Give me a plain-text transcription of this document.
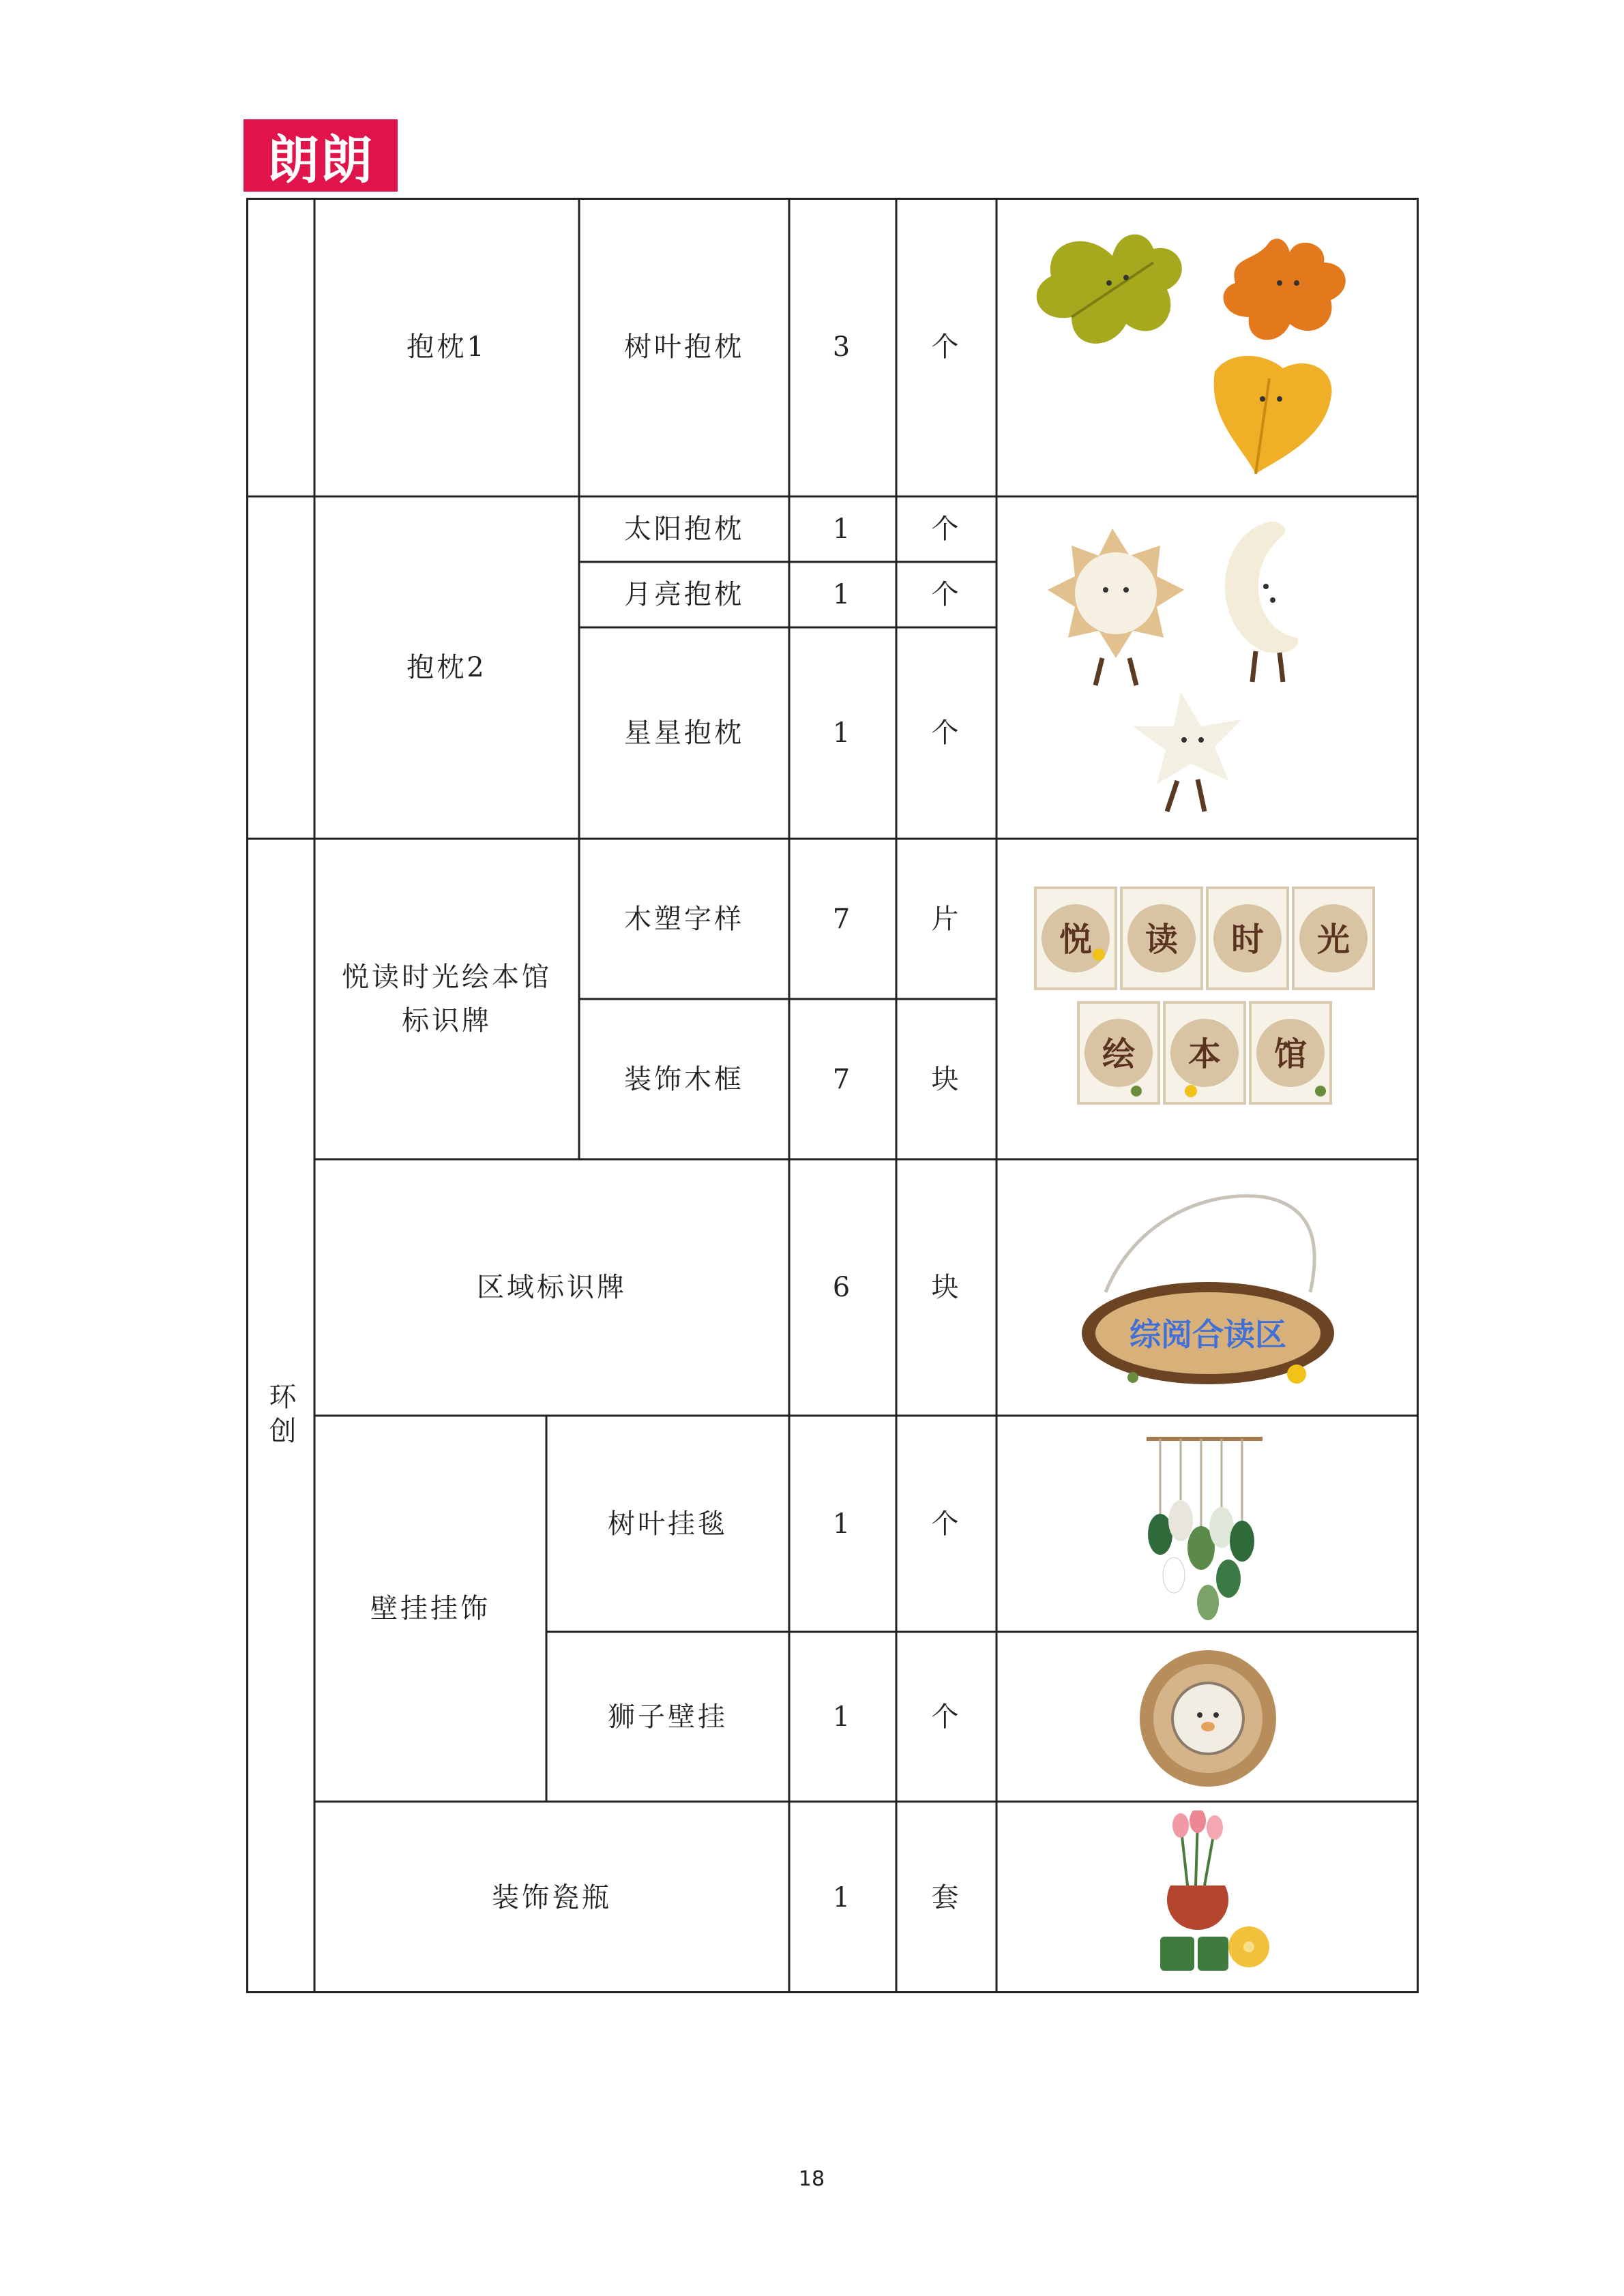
朗朗
抱枕1	树叶抱枕	3	个
抱枕2
太阳抱枕	1	个
月亮抱枕	1	个
星星抱枕	1	个
悦读时光绘本馆
标识牌
木塑字样	7	片
装饰木框	7	块
悦 读 时 光
绘 本 馆
区域标识牌	6	块
综阅合读区
壁挂挂饰
树叶挂毯	1	个
狮子壁挂	1	个
装饰瓷瓶	1	套
环创
18
